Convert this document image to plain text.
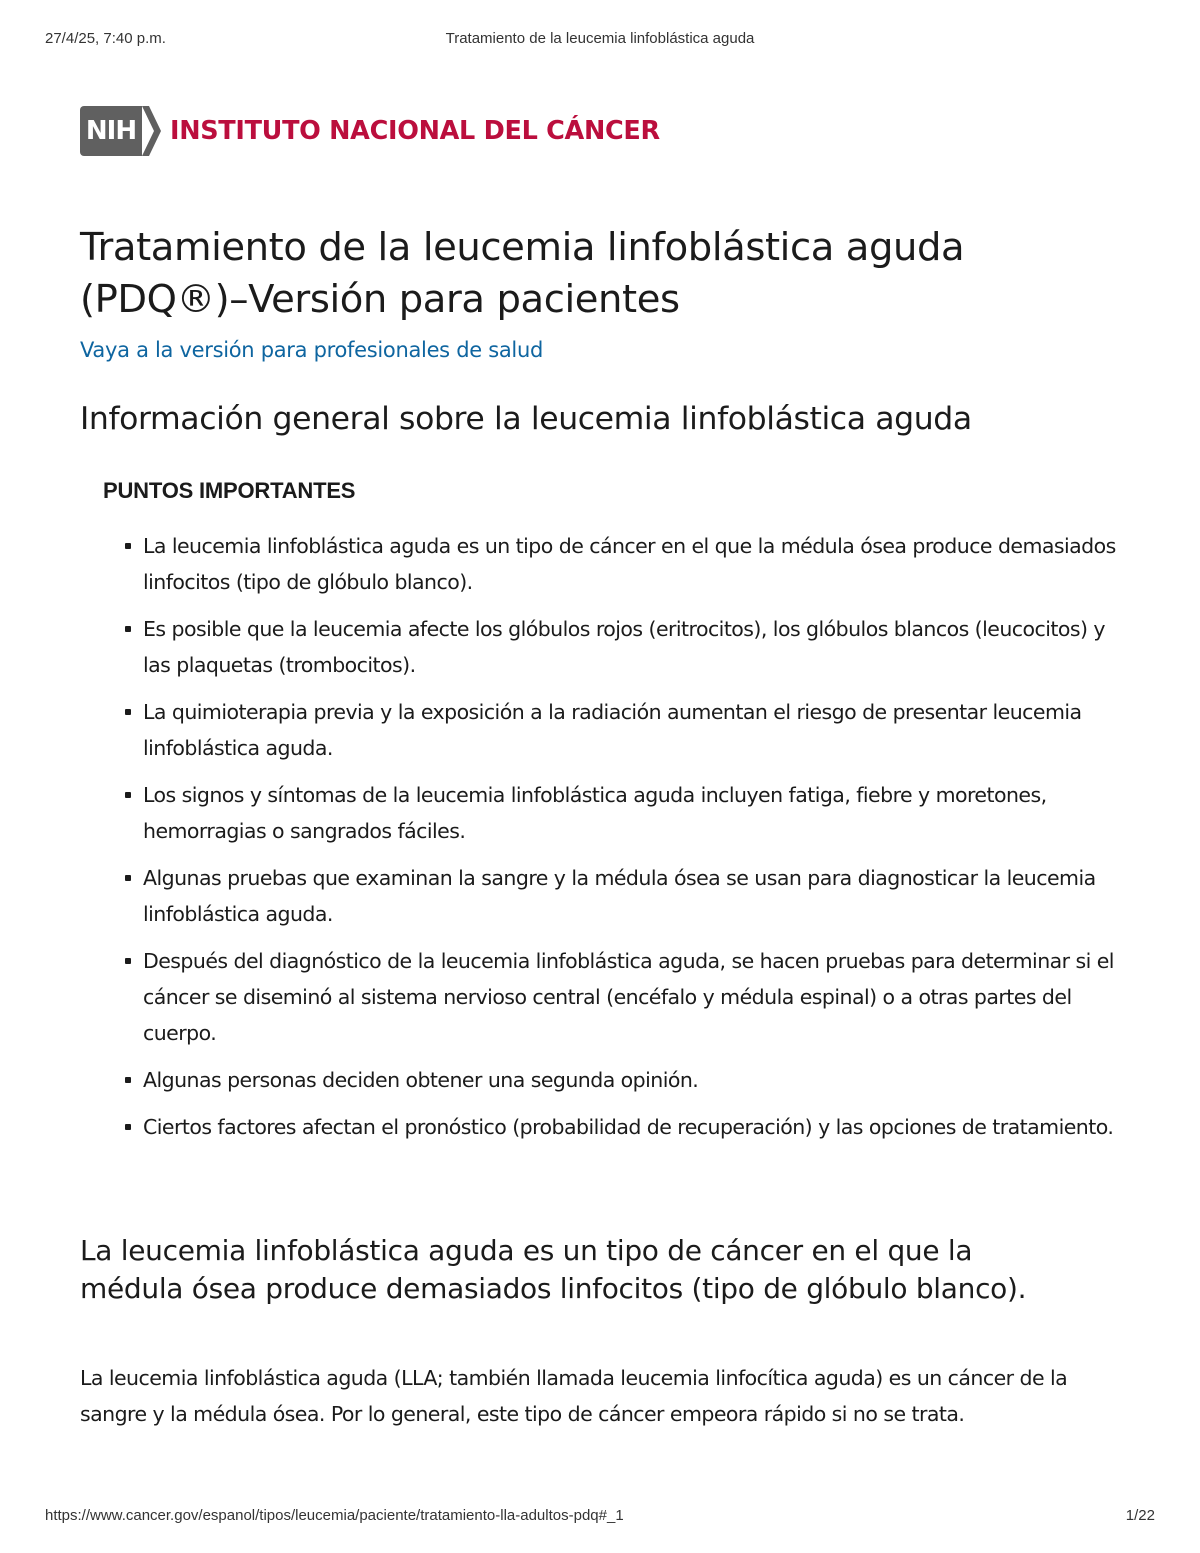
27/4/25, 7:40 p.m.	Tratamiento de la leucemia linfoblástica aguda
NIH INSTITUTO NACIONAL DEL CÁNCER
Tratamiento de la leucemia linfoblástica aguda (PDQ®)–Versión para pacientes
Vaya a la versión para profesionales de salud
Información general sobre la leucemia linfoblástica aguda
PUNTOS IMPORTANTES
La leucemia linfoblástica aguda es un tipo de cáncer en el que la médula ósea produce demasiados linfocitos (tipo de glóbulo blanco).
Es posible que la leucemia afecte los glóbulos rojos (eritrocitos), los glóbulos blancos (leucocitos) y las plaquetas (trombocitos).
La quimioterapia previa y la exposición a la radiación aumentan el riesgo de presentar leucemia linfoblástica aguda.
Los signos y síntomas de la leucemia linfoblástica aguda incluyen fatiga, fiebre y moretones, hemorragias o sangrados fáciles.
Algunas pruebas que examinan la sangre y la médula ósea se usan para diagnosticar la leucemia linfoblástica aguda.
Después del diagnóstico de la leucemia linfoblástica aguda, se hacen pruebas para determinar si el cáncer se diseminó al sistema nervioso central (encéfalo y médula espinal) o a otras partes del cuerpo.
Algunas personas deciden obtener una segunda opinión.
Ciertos factores afectan el pronóstico (probabilidad de recuperación) y las opciones de tratamiento.
La leucemia linfoblástica aguda es un tipo de cáncer en el que la médula ósea produce demasiados linfocitos (tipo de glóbulo blanco).

La leucemia linfoblástica aguda (LLA; también llamada leucemia linfocítica aguda) es un cáncer de la sangre y la médula ósea. Por lo general, este tipo de cáncer empeora rápido si no se trata.

https://www.cancer.gov/espanol/tipos/leucemia/paciente/tratamiento-lla-adultos-pdq#_1	1/22
